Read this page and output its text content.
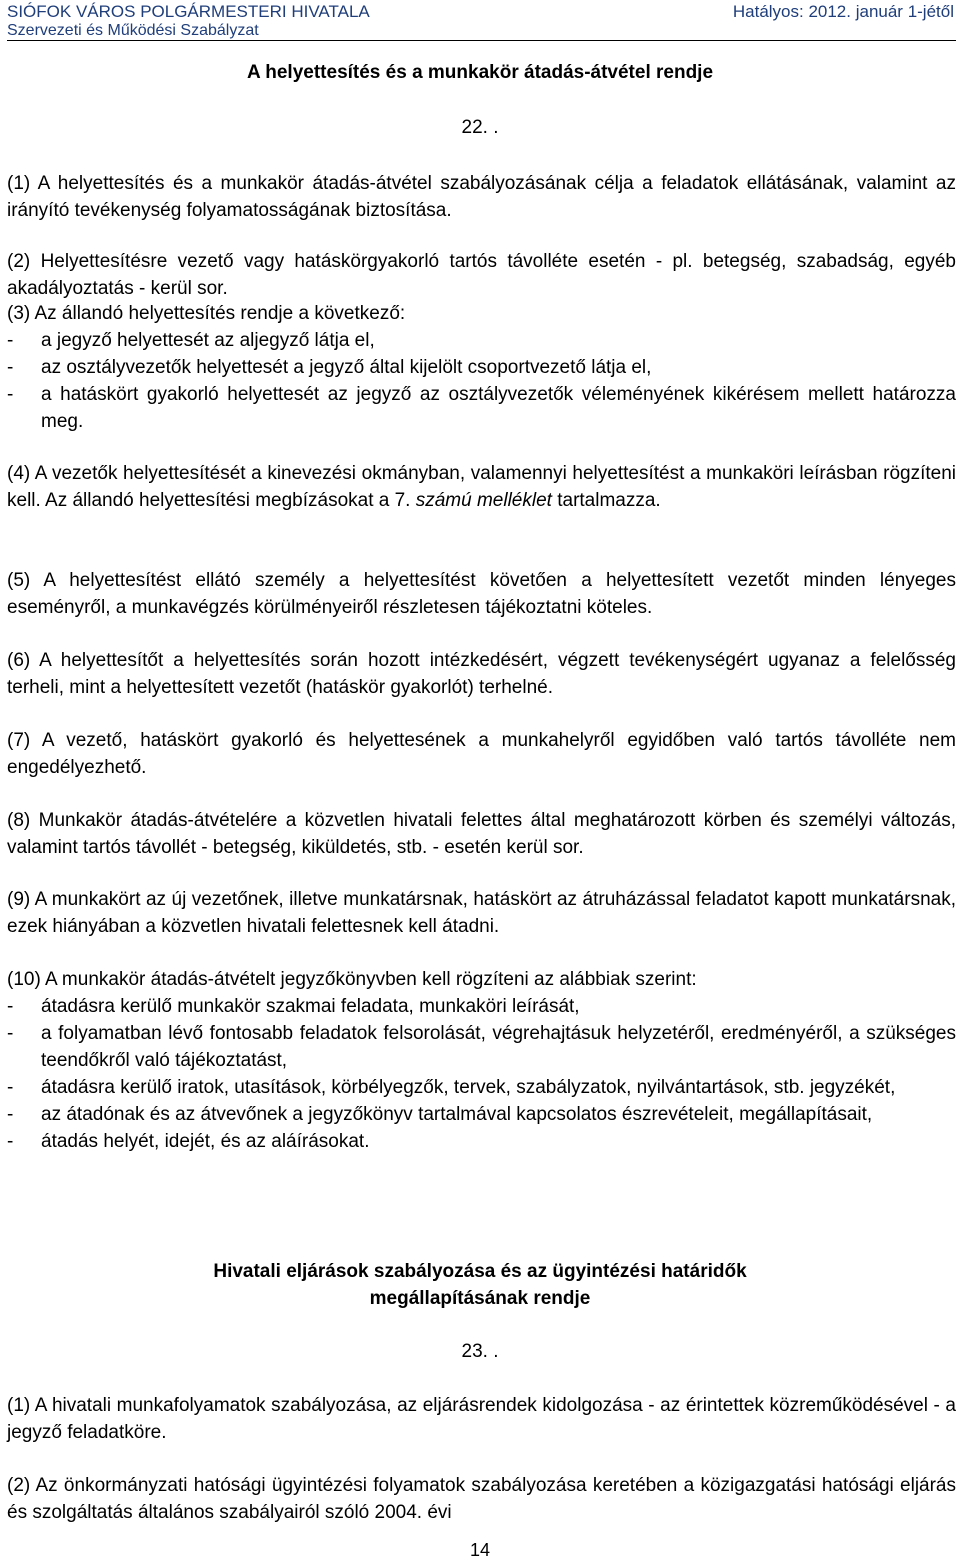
SIÓFOK VÁROS POLGÁRMESTERI HIVATALA
Szervezeti és Működési Szabályzat
Hatályos: 2012. január 1-jétől
A helyettesítés és a munkakör átadás-átvétel rendje
22. .
(1) A helyettesítés és a munkakör átadás-átvétel szabályozásának célja a feladatok ellátásának, valamint az irányító tevékenység folyamatosságának biztosítása.
(2) Helyettesítésre vezető vagy hatáskörgyakorló tartós távolléte esetén - pl. betegség, szabadság, egyéb akadályoztatás - kerül sor.
(3) Az állandó helyettesítés rendje a következő:
-	a jegyző helyettesét az aljegyző látja el,
-	az osztályvezetők helyettesét a jegyző által kijelölt csoportvezető látja el,
-	a hatáskört gyakorló helyettesét az jegyző az osztályvezetők véleményének kikérésem mellett határozza meg.
(4) A vezetők helyettesítését a kinevezési okmányban, valamennyi helyettesítést a munkaköri leírásban rögzíteni kell. Az állandó helyettesítési megbízásokat a 7. számú melléklet tartalmazza.
(5) A helyettesítést ellátó személy a helyettesítést követően a helyettesített vezetőt minden lényeges eseményről, a munkavégzés körülményeiről részletesen tájékoztatni köteles.
(6) A helyettesítőt a helyettesítés során hozott intézkedésért, végzett tevékenységért ugyanaz a felelősség terheli, mint a helyettesített vezetőt (hatáskör gyakorlót) terhelné.
(7) A vezető, hatáskört gyakorló és helyettesének a munkahelyről egyidőben való tartós távolléte nem engedélyezhető.
(8) Munkakör átadás-átvételére a közvetlen hivatali felettes által meghatározott körben és személyi változás, valamint tartós távollét - betegség, kiküldetés, stb. - esetén kerül sor.
(9) A munkakört az új vezetőnek, illetve munkatársnak, hatáskört az átruházással feladatot kapott munkatársnak, ezek hiányában a közvetlen hivatali felettesnek kell átadni.
(10) A munkakör átadás-átvételt jegyzőkönyvben kell rögzíteni az alábbiak szerint:
-	átadásra kerülő munkakör szakmai feladata, munkaköri leírását,
-	a folyamatban lévő fontosabb feladatok felsorolását, végrehajtásuk helyzetéről, eredményéről, a szükséges teendőkről való tájékoztatást,
-	átadásra kerülő iratok, utasítások, körbélyegzők, tervek, szabályzatok, nyilvántartások, stb. jegyzékét,
-	az átadónak és az átvevőnek a jegyzőkönyv tartalmával kapcsolatos észrevételeit, megállapításait,
-	átadás helyét, idejét, és az aláírásokat.
Hivatali eljárások szabályozása és az ügyintézési határidők
megállapításának rendje
23. .
(1) A hivatali munkafolyamatok szabályozása, az eljárásrendek kidolgozása - az érintettek közreműködésével - a jegyző feladatköre.
(2) Az önkormányzati hatósági ügyintézési folyamatok szabályozása keretében a közigazgatási hatósági eljárás és szolgáltatás általános szabályairól szóló 2004. évi
14
